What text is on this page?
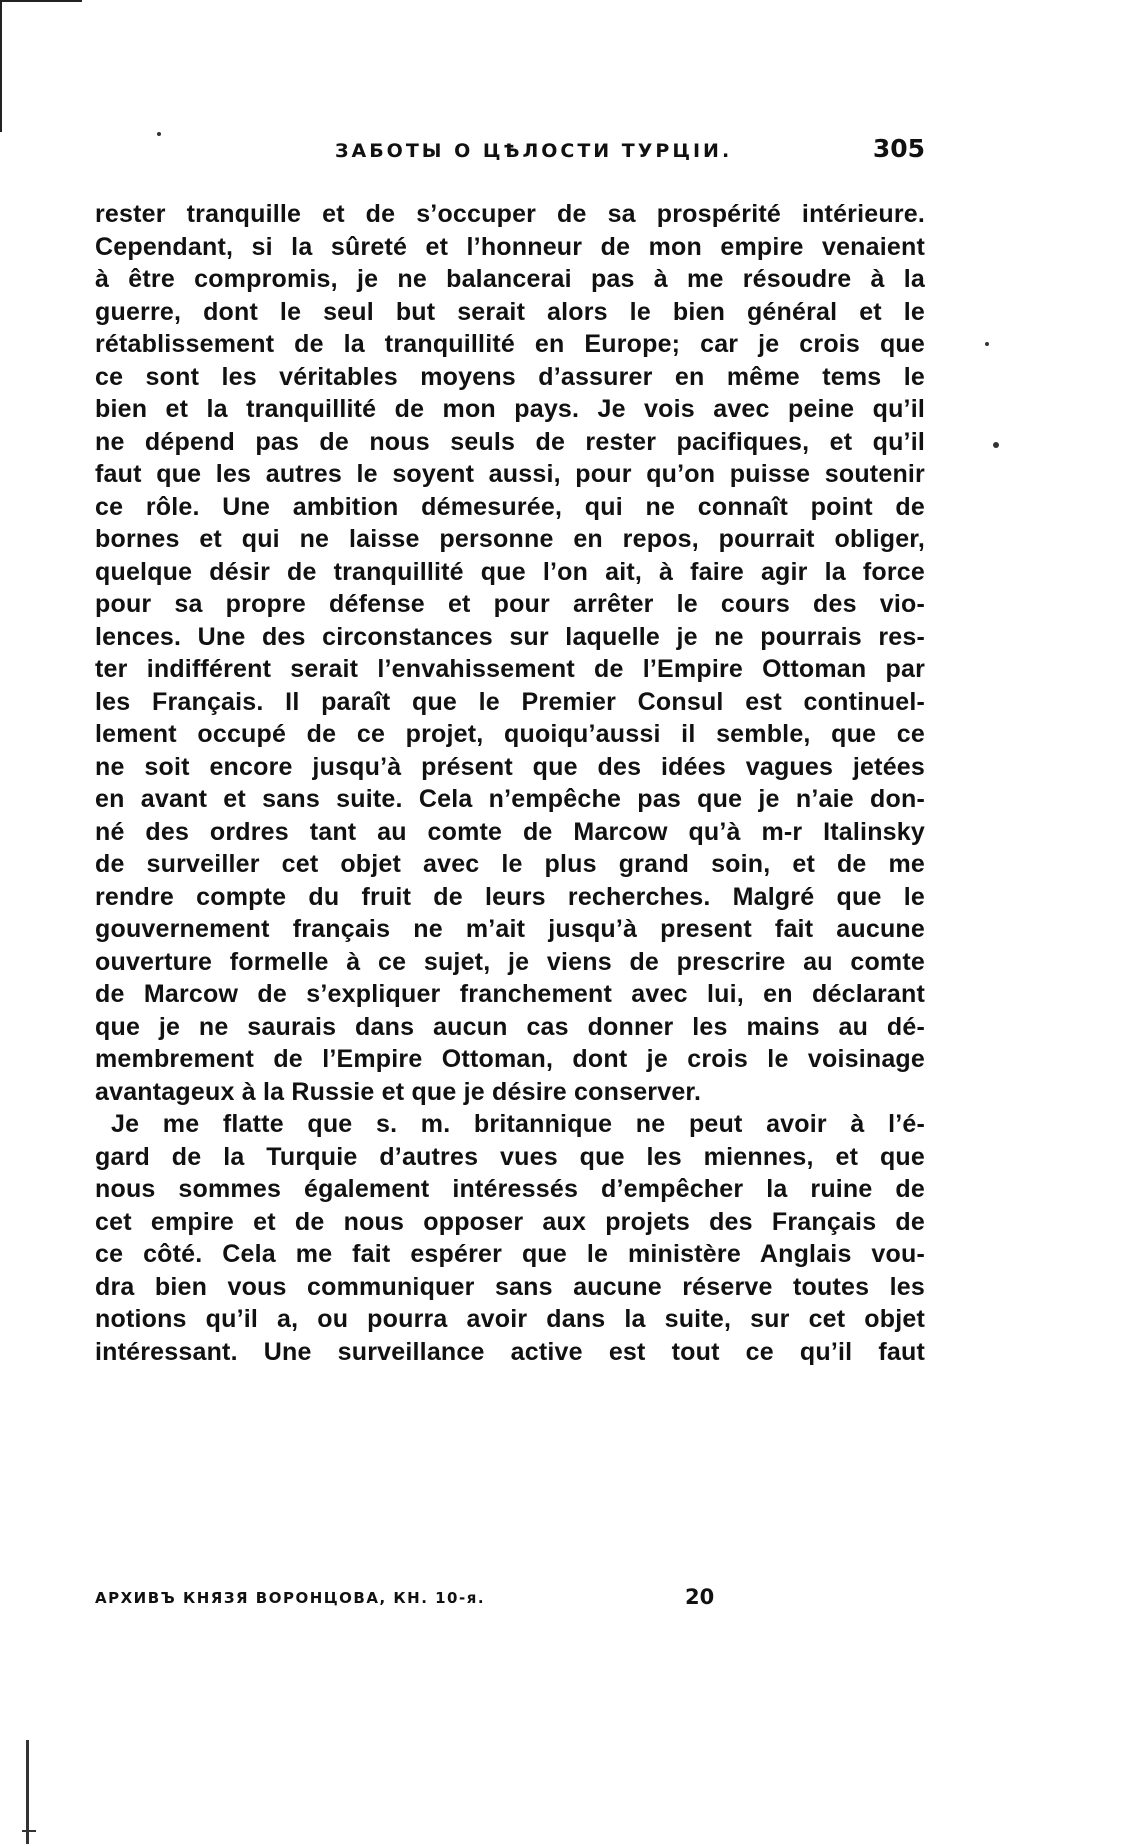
ЗАБОТЫ О ЦѢЛОСТИ ТУРЦІИ.	305
rester tranquille et de s’occuper de sa prospérité intérieure.
Cependant, si la sûreté et l’honneur de mon empire venaient
à être compromis, je ne balancerai pas à me résoudre à la
guerre, dont le seul but serait alors le bien général et le
rétablissement de la tranquillité en Europe; car je crois que
ce sont les véritables moyens d’assurer en même tems le
bien et la tranquillité de mon pays. Je vois avec peine qu’il
ne dépend pas de nous seuls de rester pacifiques, et qu’il
faut que les autres le soyent aussi, pour qu’on puisse soutenir
ce rôle. Une ambition démesurée, qui ne connaît point de
bornes et qui ne laisse personne en repos, pourrait obliger,
quelque désir de tranquillité que l’on ait, à faire agir la force
pour sa propre défense et pour arrêter le cours des vio-
lences. Une des circonstances sur laquelle je ne pourrais res-
ter indifférent serait l’envahissement de l’Empire Ottoman par
les Français. Il paraît que le Premier Consul est continuel-
lement occupé de ce projet, quoiqu’aussi il semble, que ce
ne soit encore jusqu’à présent que des idées vagues jetées
en avant et sans suite. Cela n’empêche pas que je n’aie don-
né des ordres tant au comte de Marcow qu’à m-r Italinsky
de surveiller cet objet avec le plus grand soin, et de me
rendre compte du fruit de leurs recherches. Malgré que le
gouvernement français ne m’ait jusqu’à present fait aucune
ouverture formelle à ce sujet, je viens de prescrire au comte
de Marcow de s’expliquer franchement avec lui, en déclarant
que je ne saurais dans aucun cas donner les mains au dé-
membrement de l’Empire Ottoman, dont je crois le voisinage
avantageux à la Russie et que je désire conserver.
Je me flatte que s. m. britannique ne peut avoir à l’é-
gard de la Turquie d’autres vues que les miennes, et que
nous sommes également intéressés d’empêcher la ruine de
cet empire et de nous opposer aux projets des Français de
ce côté. Cela me fait espérer que le ministère Anglais vou-
dra bien vous communiquer sans aucune réserve toutes les
notions qu’il a, ou pourra avoir dans la suite, sur cet objet
intéressant. Une surveillance active est tout ce qu’il faut
АРХИВЪ КНЯЗЯ ВОРОНЦОВА, КН. 10-я.	20
